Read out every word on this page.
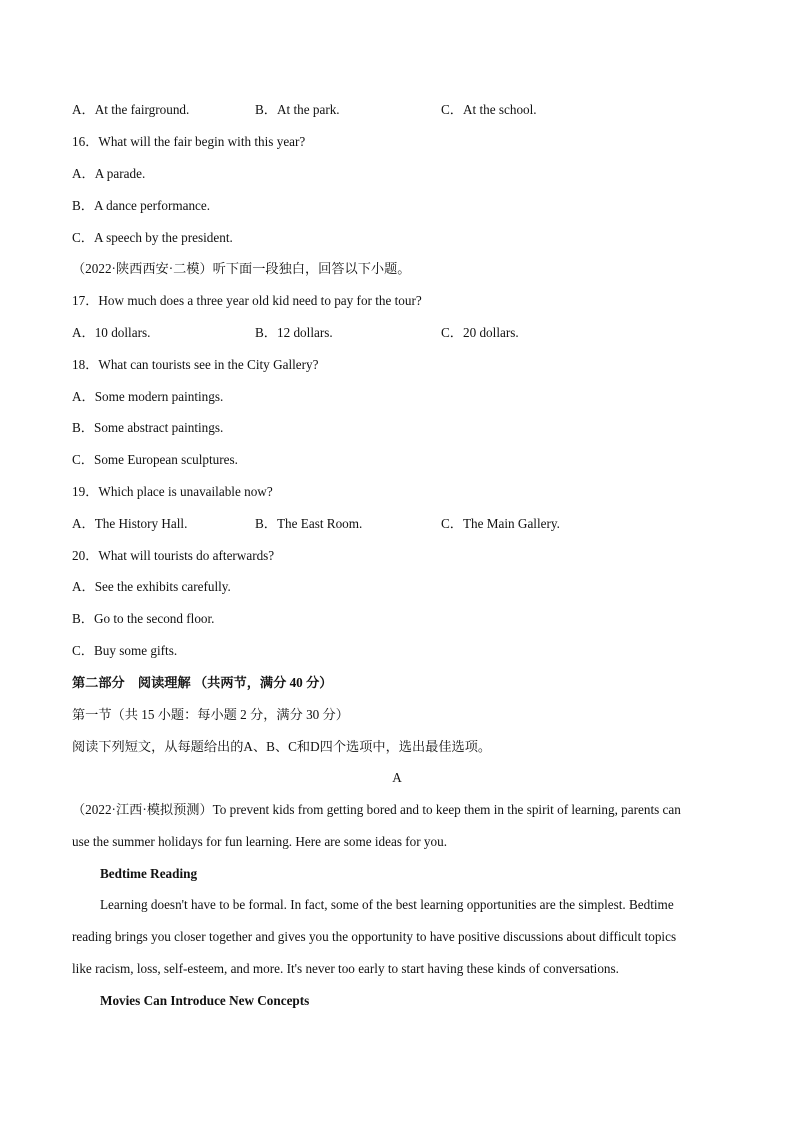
A．At the fairground.	B．At the park.	C．At the school.
16．What will the fair begin with this year?
A．A parade.
B．A dance performance.
C．A speech by the president.
（2022·陕西西安·二模）听下面一段独白，回答以下小题。
17．How much does a three year old kid need to pay for the tour?
A．10 dollars.	B．12 dollars.	C．20 dollars.
18．What can tourists see in the City Gallery?
A．Some modern paintings.
B．Some abstract paintings.
C．Some European sculptures.
19．Which place is unavailable now?
A．The History Hall.	B．The East Room.	C．The Main Gallery.
20．What will tourists do afterwards?
A．See the exhibits carefully.
B．Go to the second floor.
C．Buy some gifts.
第二部分　阅读理解 （共两节，满分 40 分）
第一节（共 15 小题：每小题 2 分，满分 30 分）
阅读下列短文，从每题给出的A、B、C和D四个选项中，选出最佳选项。
A
（2022·江西·模拟预测）To prevent kids from getting bored and to keep them in the spirit of learning, parents can
use the summer holidays for fun learning. Here are some ideas for you.
Bedtime Reading
Learning doesn't have to be formal. In fact, some of the best learning opportunities are the simplest. Bedtime
reading brings you closer together and gives you the opportunity to have positive discussions about difficult topics
like racism, loss, self-esteem, and more. It's never too early to start having these kinds of conversations.
Movies Can Introduce New Concepts
